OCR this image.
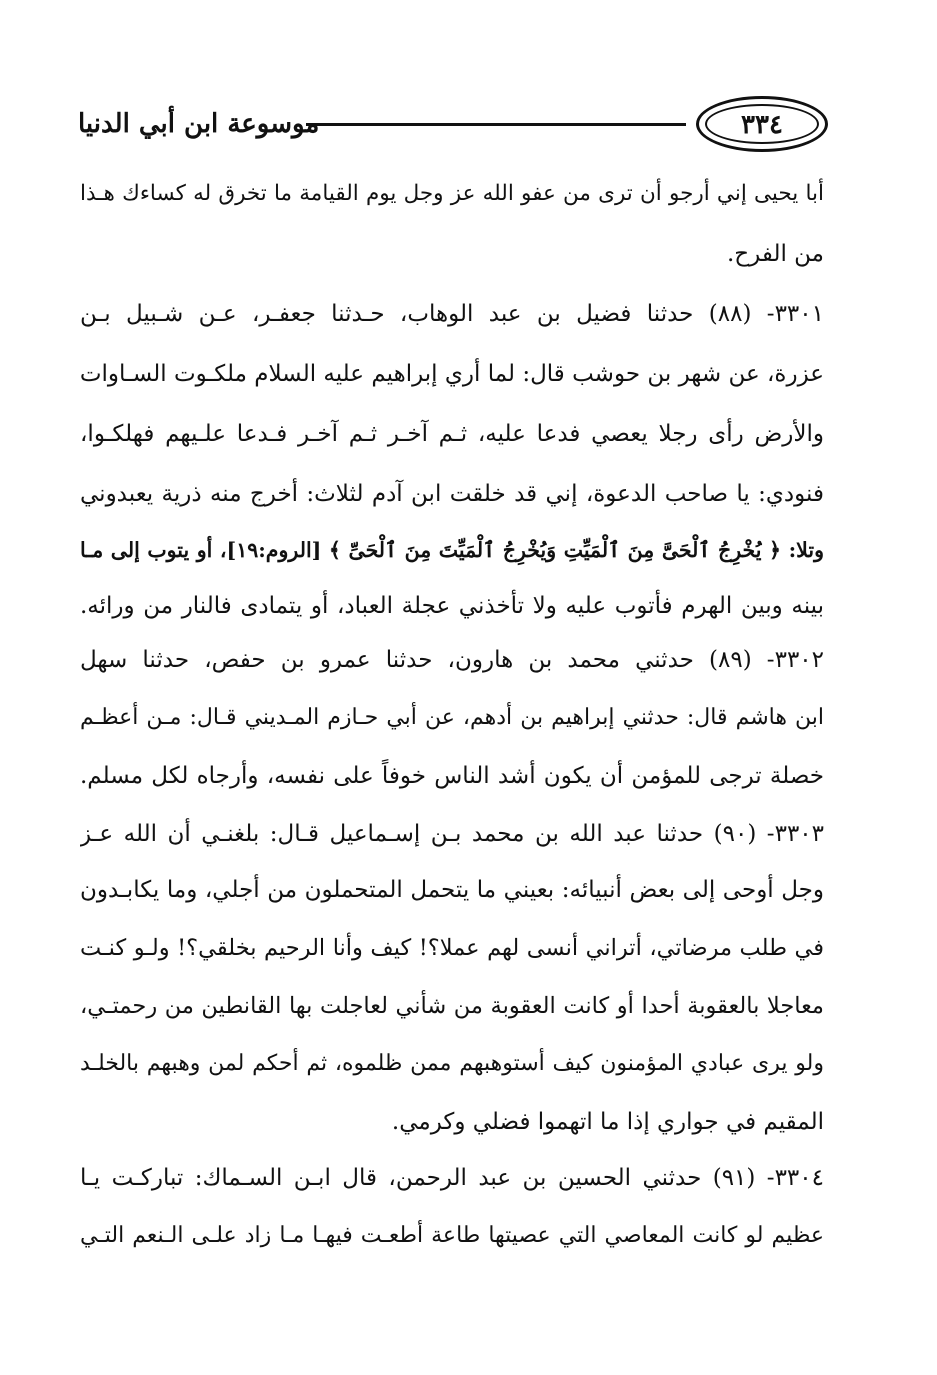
موسوعة ابن أبي الدنيا	٣٣٤
أبا يحيى إني أرجو أن ترى من عفو الله عز وجل يوم القيامة ما تخرق له كساءك هـذا
من الفرح.
٣٣٠١- (٨٨) حدثنا فضيل بن عبد الوهاب، حـدثنا جعفـر، عـن شـبيل بـن
عزرة، عن شهر بن حوشب قال: لما أري إبراهيم عليه السلام ملكـوت السـاوات
والأرض رأى رجلا يعصي فدعا عليه، ثـم آخـر ثـم آخـر فـدعا علـيهم فهلكـوا،
فنودي: يا صاحب الدعوة، إني قد خلقت ابن آدم لثلاث: أخرج منه ذرية يعبدوني
وتلا: ﴿ يُخْرِجُ ٱلْحَىَّ مِنَ ٱلْمَيِّتِ وَيُخْرِجُ ٱلْمَيِّتَ مِنَ ٱلْحَىِّ ﴾ [الروم:١٩]، أو يتوب إلى مـا
بينه وبين الهرم فأتوب عليه ولا تأخذني عجلة العباد، أو يتمادى فالنار من ورائه.
٣٣٠٢- (٨٩) حدثني محمد بن هارون، حدثنا عمرو بن حفص، حدثنا سهل
ابن هاشم قال: حدثني إبراهيم بن أدهم، عن أبي حـازم المـديني قـال: مـن أعظـم
خصلة ترجى للمؤمن أن يكون أشد الناس خوفاً على نفسه، وأرجاه لكل مسلم.
٣٣٠٣- (٩٠) حدثنا عبد الله بن محمد بـن إسـماعيل قـال: بلغنـي أن الله عـز
وجل أوحى إلى بعض أنبيائه: بعيني ما يتحمل المتحملون من أجلي، وما يكابـدون
في طلب مرضاتي، أتراني أنسى لهم عملا؟! كيف وأنا الرحيم بخلقي؟! ولـو كنـت
معاجلا بالعقوبة أحدا أو كانت العقوبة من شأني لعاجلت بها القانطين من رحمتـي،
ولو يرى عبادي المؤمنون كيف أستوهبهم ممن ظلموه، ثم أحكم لمن وهبهم بالخلـد
المقيم في جواري إذا ما اتهموا فضلي وكرمي.
٣٣٠٤- (٩١) حدثني الحسين بن عبد الرحمن، قال ابـن السـماك: تباركـت يـا
عظيم لو كانت المعاصي التي عصيتها طاعة أطعـت فيهـا مـا زاد علـى الـنعم التـي
